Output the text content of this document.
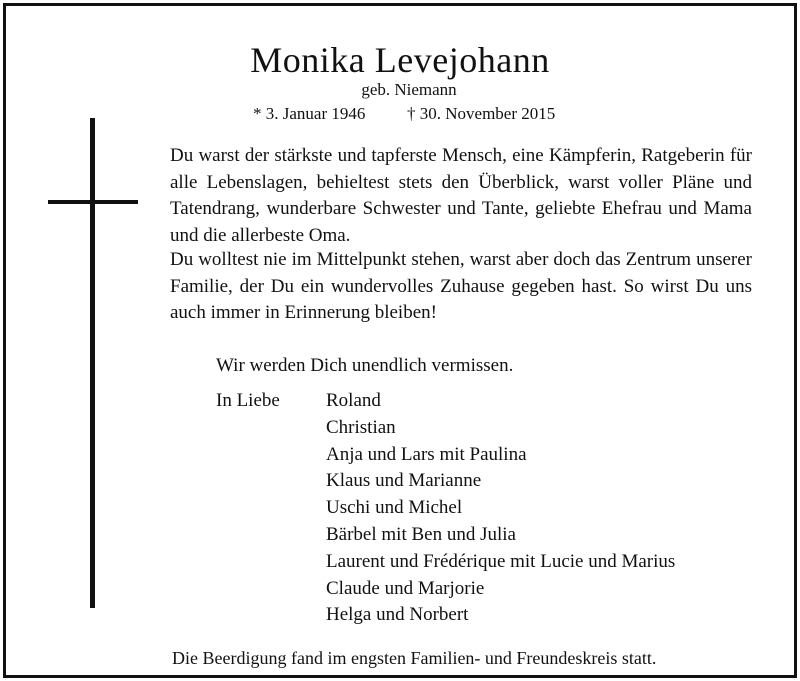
Monika Levejohann
geb. Niemann
* 3. Januar 1946 † 30. November 2015

Du warst der stärkste und tapferste Mensch, eine Kämpferin, Ratgeberin für alle Lebenslagen, behieltest stets den Überblick, warst voller Pläne und Tatendrang, wunderbare Schwester und Tante, geliebte Ehefrau und Mama und die allerbeste Oma.

Du wolltest nie im Mittelpunkt stehen, warst aber doch das Zentrum unserer Familie, der Du ein wundervolles Zuhause gegeben hast. So wirst Du uns auch immer in Erinnerung bleiben!

Wir werden Dich unendlich vermissen.
In Liebe Roland
Christian
Anja und Lars mit Paulina
Klaus und Marianne
Uschi und Michel
Bärbel mit Ben und Julia
Laurent und Frédérique mit Lucie und Marius
Claude und Marjorie
Helga und Norbert
Die Beerdigung fand im engsten Familien- und Freundeskreis statt.
